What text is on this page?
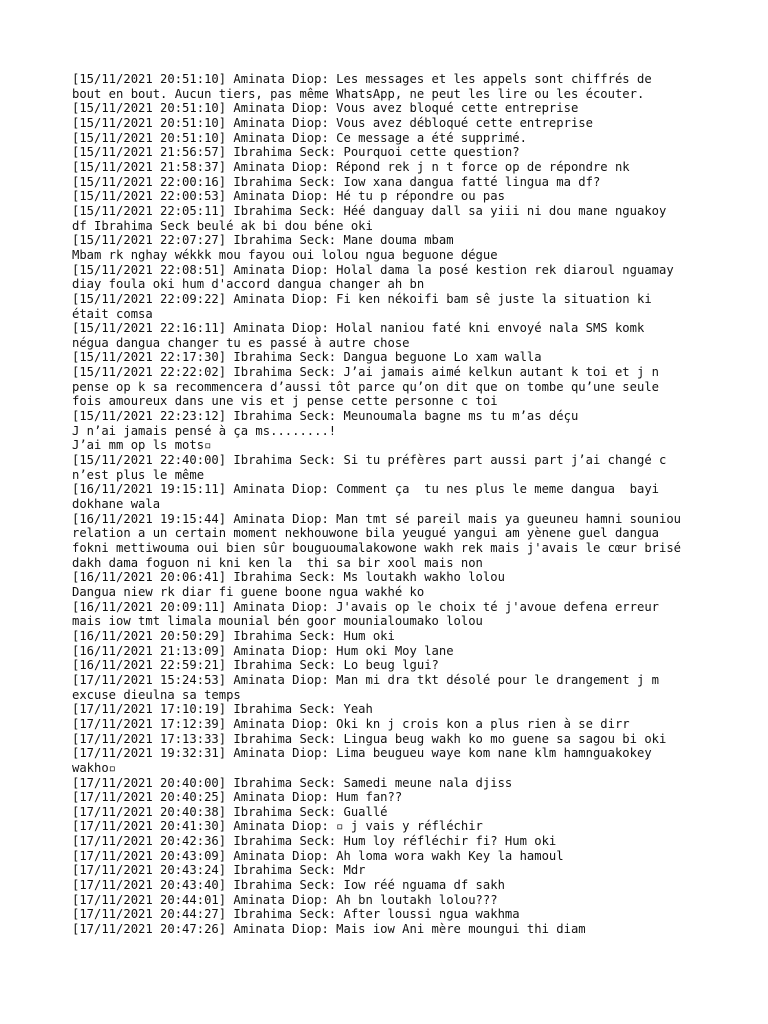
[15/11/2021 20:51:10] Aminata Diop: Les messages et les appels sont chiffrés de
bout en bout. Aucun tiers, pas même WhatsApp, ne peut les lire ou les écouter.
[15/11/2021 20:51:10] Aminata Diop: Vous avez bloqué cette entreprise
[15/11/2021 20:51:10] Aminata Diop: Vous avez débloqué cette entreprise
[15/11/2021 20:51:10] Aminata Diop: Ce message a été supprimé.
[15/11/2021 21:56:57] Ibrahima Seck: Pourquoi cette question?
[15/11/2021 21:58:37] Aminata Diop: Répond rek j n t force op de répondre nk
[15/11/2021 22:00:16] Ibrahima Seck: Iow xana dangua fatté lingua ma df?
[15/11/2021 22:00:53] Aminata Diop: Hé tu p répondre ou pas
[15/11/2021 22:05:11] Ibrahima Seck: Héé danguay dall sa yiii ni dou mane nguakoy
df Ibrahima Seck beulé ak bi dou béne oki
[15/11/2021 22:07:27] Ibrahima Seck: Mane douma mbam
Mbam rk nghay wékkk mou fayou oui lolou ngua beguone dégue
[15/11/2021 22:08:51] Aminata Diop: Holal dama la posé kestion rek diaroul nguamay
diay foula oki hum d'accord dangua changer ah bn
[15/11/2021 22:09:22] Aminata Diop: Fi ken nékoifi bam sê juste la situation ki
était comsa
[15/11/2021 22:16:11] Aminata Diop: Holal naniou faté kni envoyé nala SMS komk
négua dangua changer tu es passé à autre chose
[15/11/2021 22:17:30] Ibrahima Seck: Dangua beguone Lo xam walla
[15/11/2021 22:22:02] Ibrahima Seck: J’ai jamais aimé kelkun autant k toi et j n
pense op k sa recommencera d’aussi tôt parce qu’on dit que on tombe qu’une seule
fois amoureux dans une vis et j pense cette personne c toi
[15/11/2021 22:23:12] Ibrahima Seck: Meunoumala bagne ms tu m’as déçu
J n’ai jamais pensé à ça ms........!
J’ai mm op ls mots▫
[15/11/2021 22:40:00] Ibrahima Seck: Si tu préfères part aussi part j’ai changé c
n’est plus le même
[16/11/2021 19:15:11] Aminata Diop: Comment ça  tu nes plus le meme dangua  bayi
dokhane wala
[16/11/2021 19:15:44] Aminata Diop: Man tmt sé pareil mais ya gueuneu hamni souniou
relation a un certain moment nekhouwone bila yeugué yangui am yènene guel dangua
fokni mettiwouma oui bien sûr bouguoumalakowone wakh rek mais j'avais le cœur brisé
dakh dama foguon ni kni ken la  thi sa bir xool mais non
[16/11/2021 20:06:41] Ibrahima Seck: Ms loutakh wakho lolou
Dangua niew rk diar fi guene boone ngua wakhé ko
[16/11/2021 20:09:11] Aminata Diop: J'avais op le choix té j'avoue defena erreur
mais iow tmt limala mounial bén goor mounialoumako lolou
[16/11/2021 20:50:29] Ibrahima Seck: Hum oki
[16/11/2021 21:13:09] Aminata Diop: Hum oki Moy lane
[16/11/2021 22:59:21] Ibrahima Seck: Lo beug lgui?
[17/11/2021 15:24:53] Aminata Diop: Man mi dra tkt désolé pour le drangement j m
excuse dieulna sa temps
[17/11/2021 17:10:19] Ibrahima Seck: Yeah
[17/11/2021 17:12:39] Aminata Diop: Oki kn j crois kon a plus rien à se dirr
[17/11/2021 17:13:33] Ibrahima Seck: Lingua beug wakh ko mo guene sa sagou bi oki
[17/11/2021 19:32:31] Aminata Diop: Lima beugueu waye kom nane klm hamnguakokey
wakho▫
[17/11/2021 20:40:00] Ibrahima Seck: Samedi meune nala djiss
[17/11/2021 20:40:25] Aminata Diop: Hum fan??
[17/11/2021 20:40:38] Ibrahima Seck: Guallé
[17/11/2021 20:41:30] Aminata Diop: ▫ j vais y réfléchir
[17/11/2021 20:42:36] Ibrahima Seck: Hum loy réfléchir fi? Hum oki
[17/11/2021 20:43:09] Aminata Diop: Ah loma wora wakh Key la hamoul
[17/11/2021 20:43:24] Ibrahima Seck: Mdr
[17/11/2021 20:43:40] Ibrahima Seck: Iow réé nguama df sakh
[17/11/2021 20:44:01] Aminata Diop: Ah bn loutakh lolou???
[17/11/2021 20:44:27] Ibrahima Seck: After loussi ngua wakhma
[17/11/2021 20:47:26] Aminata Diop: Mais iow Ani mère moungui thi diam
